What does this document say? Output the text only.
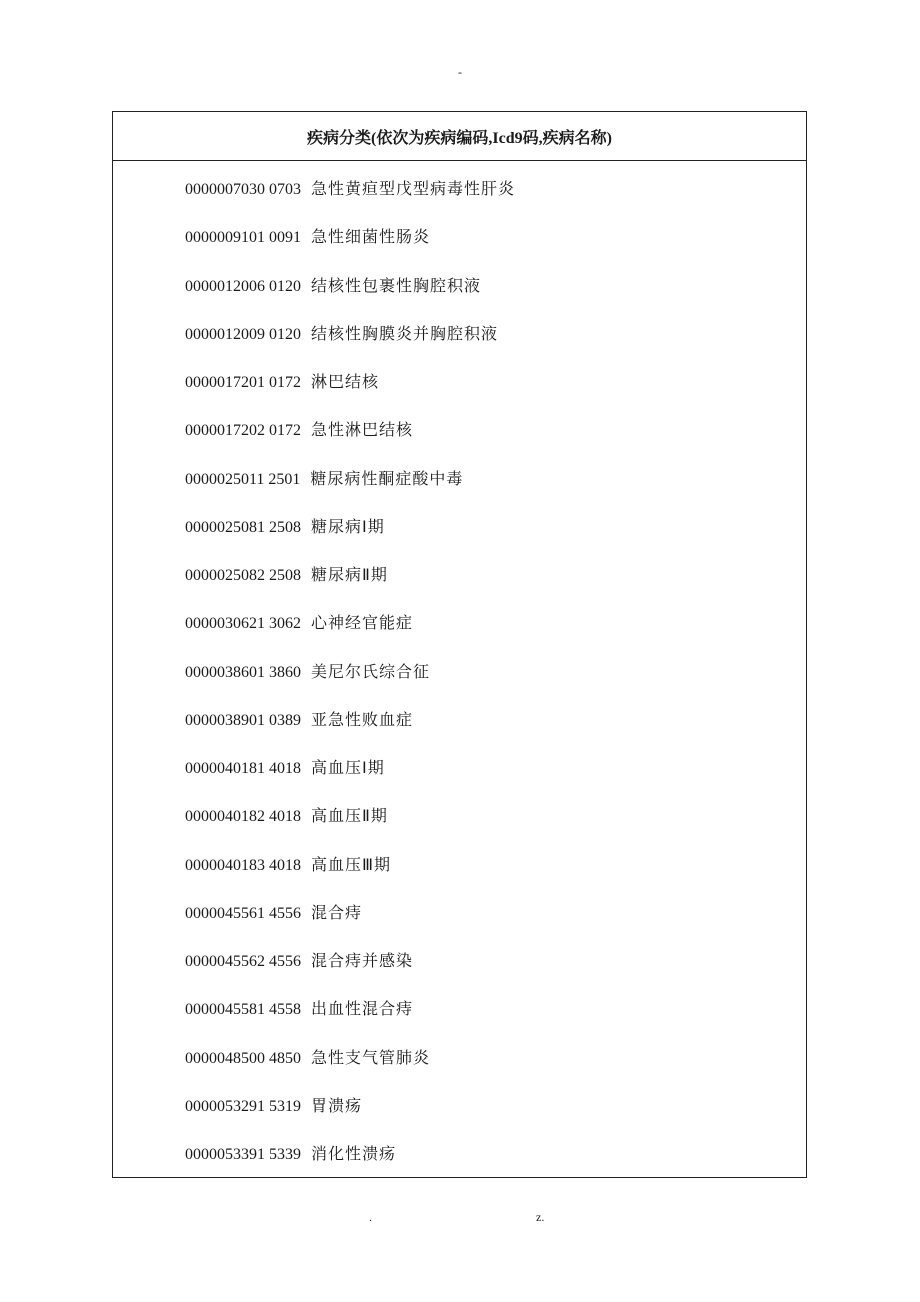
-
疾病分类(依次为疾病编码,Icd9码,疾病名称)
0000007030 0703 急性黄疸型戊型病毒性肝炎
0000009101 0091 急性细菌性肠炎
0000012006 0120 结核性包裹性胸腔积液
0000012009 0120 结核性胸膜炎并胸腔积液
0000017201 0172 淋巴结核
0000017202 0172 急性淋巴结核
0000025011 2501 糖尿病性酮症酸中毒
0000025081 2508 糖尿病Ⅰ期
0000025082 2508 糖尿病Ⅱ期
0000030621 3062 心神经官能症
0000038601 3860 美尼尔氏综合征
0000038901 0389 亚急性败血症
0000040181 4018 高血压Ⅰ期
0000040182 4018 高血压Ⅱ期
0000040183 4018 高血压Ⅲ期
0000045561 4556 混合痔
0000045562 4556 混合痔并感染
0000045581 4558 出血性混合痔
0000048500 4850 急性支气管肺炎
0000053291 5319 胃溃疡
0000053391 5339 消化性溃疡
.	z.
